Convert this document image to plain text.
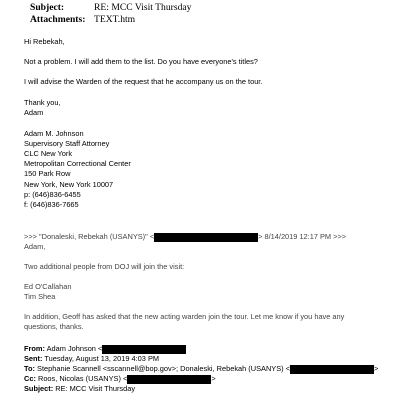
Subject:	RE: MCC Visit Thursday
Attachments: TEXT.htm
Hi Rebekah,
Not a problem. I will add them to the list. Do you have everyone's titles?
I will advise the Warden of the request that he accompany us on the tour.
Thank you,
Adam
Adam M. Johnson
Supervisory Staff Attorney
CLC New York
Metropolitan Correctional Center
150 Park Row
New York, New York 10007
p: (646)836-6455
f: (646)836-7665
>>> "Donaleski, Rebekah (USANYS)" <	> 8/14/2019 12:17 PM >>>
Adam,
Two additional people from DOJ will join the visit:
Ed O'Callahan
Tim Shea
In addition, Geoff has asked that the new acting warden join the tour. Let me know if you have any
questions, thanks.
From: Adam Johnson <
Sent: Tuesday, August 13, 2019 4:03 PM
To: Stephanie Scannell <sscannell@bop.gov>; Donaleski, Rebekah (USANYS) <	>
Cc: Roos, Nicolas (USANYS) <	>
Subject: RE: MCC Visit Thursday
